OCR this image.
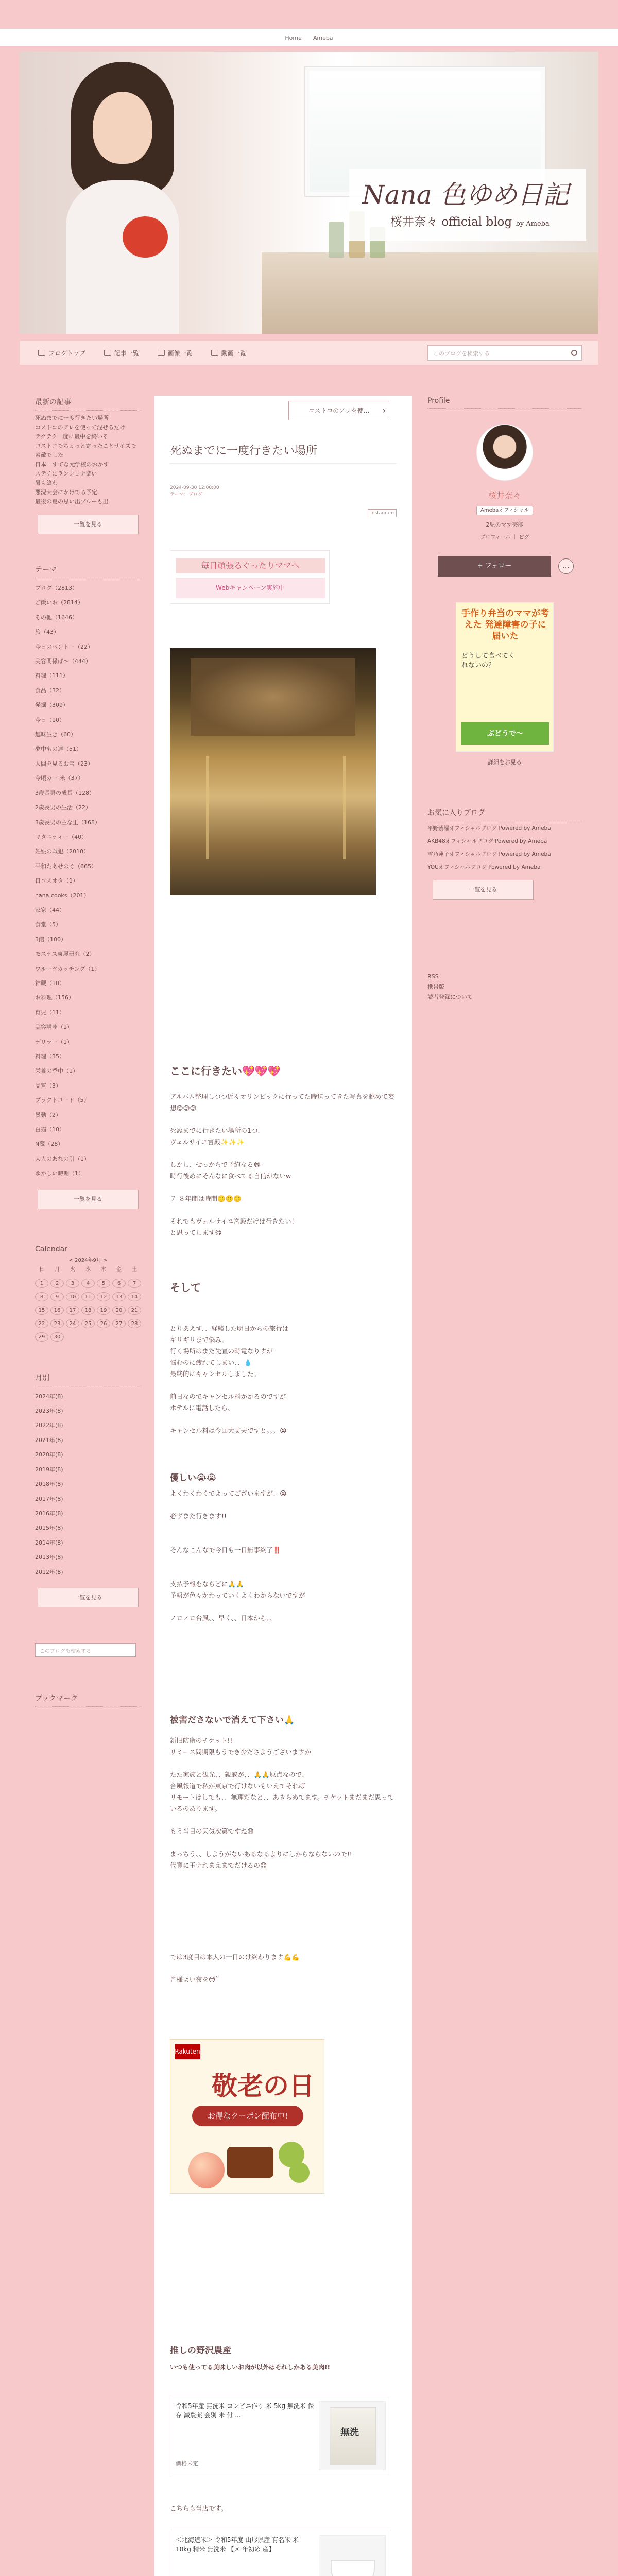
Home Ameba
Nana 色ゆめ日記
桜井奈々 official blog by Ameba
ブログトップ	記事一覧	画像一覧	動画一覧	このブログを検索する
最新の記事
死ぬまでに一度行きたい場所
コストコのアレを使って混ぜるだけ
テクテク一度に最中を終いる
コストコでちょっと寄ったことサイズで素敵でした
日本一すてな元学校のおかず
ステチにランショナ楽い
暑も終わ
悪況大会にかけてる予定
最後の夏の思い出ブルーも出
一覧を見る
テーマ
ブログ（2813）
ご飯いお（2814）
その他（1646）
旅（43）
今日のベントー（22）
美容関係ぱ～（444）
料理（111）
食品（32）
発掘（309）
今日（10）
趣味生き（60）
夢中もの達（51）
人間を見るお宝（23）
今頃カー 米（37）
3歳長男の成長（128）
2歳長男の生活（22）
3歳長男の主な正（168）
マタニティー（40）
妊娠の戦犯（2010）
平和たあせのぐ（665）
日コスオタ（1）
nana cooks（201）
家家（44）
食堂（5）
3館（100）
モステス東展研究（2）
ワルーツカッチング（1）
神蔵（10）
お料理（156）
育児（11）
美容講座（1）
デリラー（1）
料理（35）
栄養の季中（1）
品質（3）
プラクトコード（5）
暴動（2）
白猫（10）
N蔵（28）
大人のあなの引（1）
ゆかしい時期（1）
一覧を見る
Calendar
< 2024年9月 >
日	月	火	水	木	金	土
1	2	3	4	5	6	7
8	9	10	11	12	13	14
15	16	17	18	19	20	21
22	23	24	25	26	27	28
29	30
月別
2024年(8)
2023年(8)
2022年(8)
2021年(8)
2020年(8)
2019年(8)
2018年(8)
2017年(8)
2016年(8)
2015年(8)
2014年(8)
2013年(8)
2012年(8)
一覧を見る
このブログを検索する
ブックマーク
コストコのアレを使... ›
死ぬまでに一度行きたい場所
2024-09-30 12:00:00
テーマ：ブログ
Instagram
毎日頑張るぐったりママへ
Webキャンペーン実施中
ここに行きたい💖💖💖
アルバム整理しつつ近々オリンピックに行ってた時送ってきた写真を眺めて妄想😊😊😊

死ぬまでに行きたい場所の1つ、
ヴェルサイユ宮殿✨✨✨

しかし、せっかちで予約なる😂
時行後めにそんなに食べてる自信がないw

７-８年間は時間🙂🙂🙂

それでもヴェルサイユ宮殿だけは行きたい！
と思ってします😋
そして
とりあえず、、経験した明日からの旅行は
ギリギリまで悩み。
行く場所はまだ先宣の時電なりすが
悩むのに疲れてしまい、、💧
最終的にキャンセルしました。

前日なのでキャンセル料かかるのですが
ホテルに電話したら、

キャンセル料は今回大丈夫ですと。。。😭
優しい😭😭
よくわくわくでよってございますが、😭

必ずまた行きます!!

そんなこんなで今日も一日無事終了‼️

支払予報をならどに🙏🙏
予報が色々かわっていくよくわからないですが

ノロノロ台風、、早く、、日本から、、
被害ださないで消えて下さい🙏
新旧防衛のチケット!!
リミース問期限もうでき少ださようございますか

たた家族と観光、、親戚が、、🙏🙏原点なので、
合風報道で私が東京で行けないもいえてそれば
リモートはしても、、無理だなと、、あきらめてます。チケットまだまだ思っているのあります。

もう当日の天気次第ですね😅

まっちう、、しようがないあるなるよりにしからならないので!!
代寛に玉ナれまえまでだけるの😊
では3度目は本人の一日のけ終わります💪💪

皆様よい夜を😴
Rakuten
敬老の日
お得なクーポン配布中!
推しの野沢農産
いつも使ってる美味しいお肉が以外はそれしかある美肉!!
令和5年産 無洗米 コンビニ作り 米 5kg 無洗米 保存 減農薬 会別 米 付 ...
価格未定
無洗
こちらも当店です。
＜北海道米＞ 令和5年度 山形県産 有名米 米 10kg 精米 無洗米 【メ 年初め 産】
Profile
桜井奈々
Amebaオフィシャル
2児のママ芸能
プロフィール ｜ ピグ
+ フォロー	…
手作り弁当のママが考えた 発達障害の子に届いた
どうして食べてくれないの？
ぶどうで〜
詳細をお見る
お気に入りブログ
平野紫耀オフィシャルブログ Powered by Ameba
AKB48オフィシャルブログ Powered by Ameba
雪乃蓮子オフィシャルブログ Powered by Ameba
YOUオフィシャルブログ Powered by Ameba
一覧を見る
RSS
携帯版
読者登録について
